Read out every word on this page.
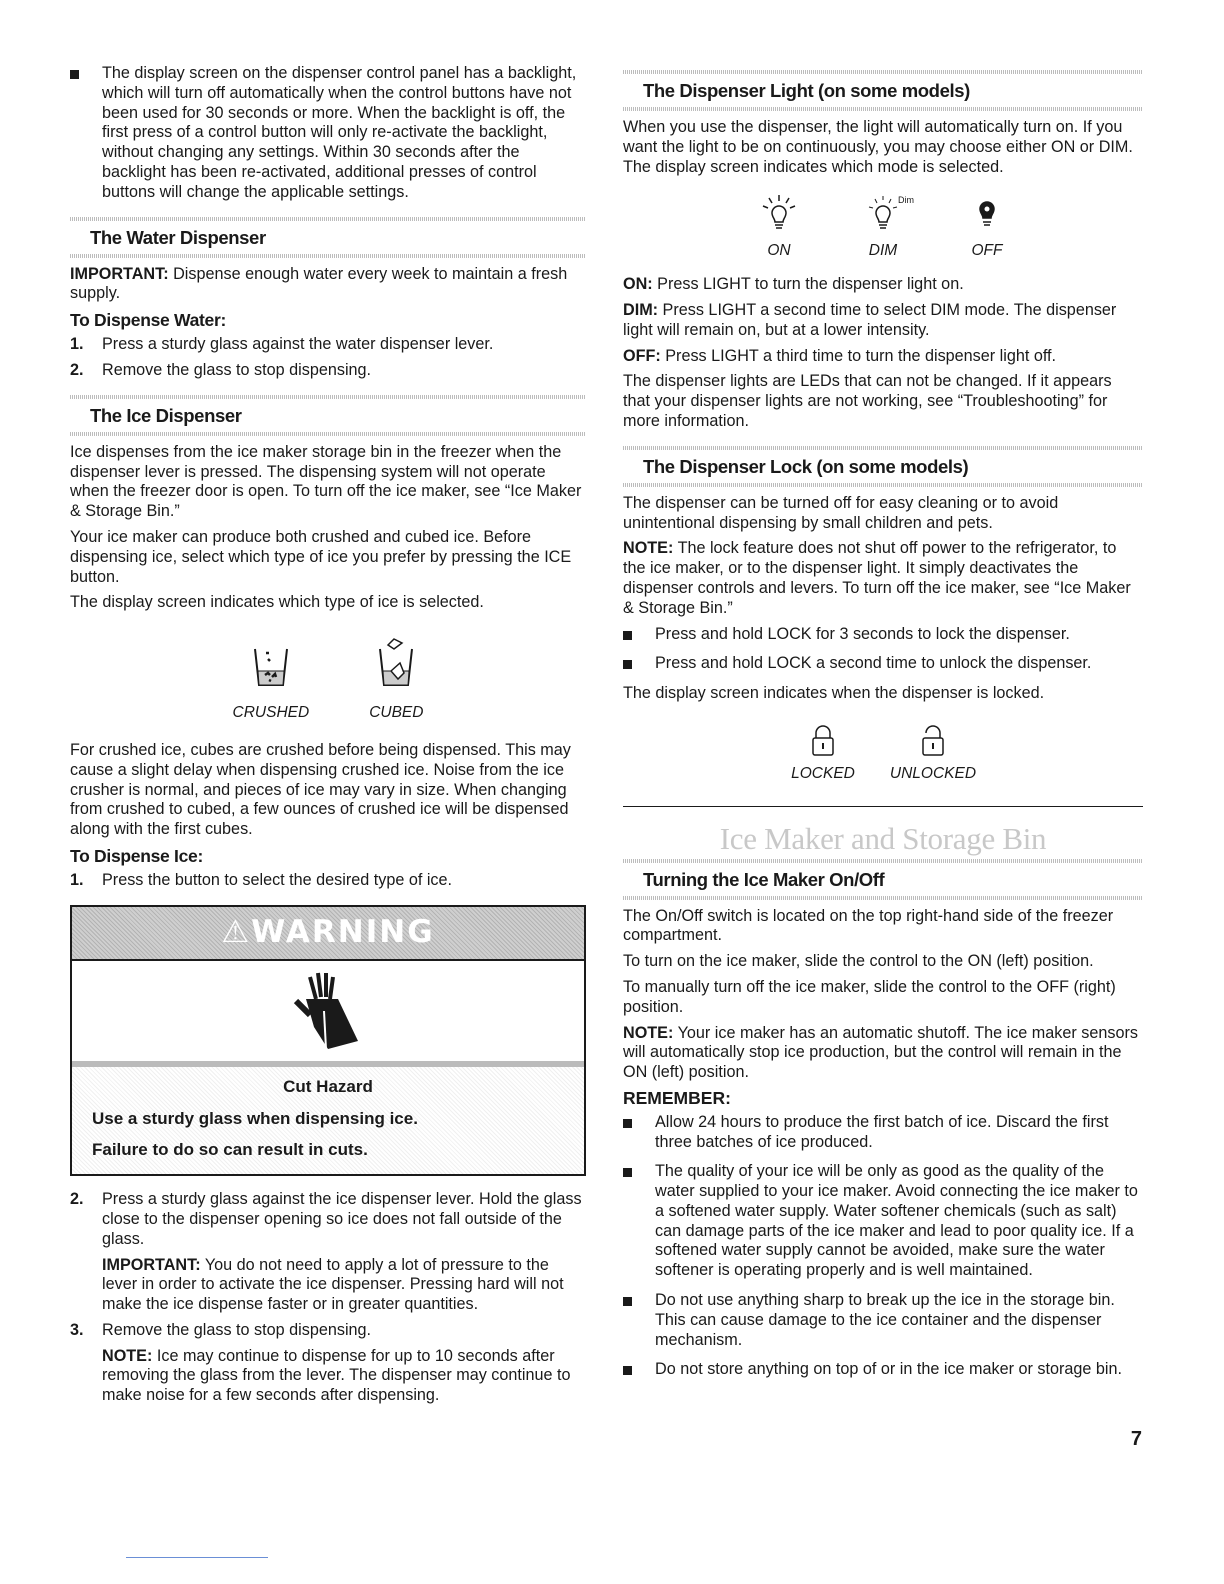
The display screen on the dispenser control panel has a backlight, which will turn off automatically when the control buttons have not been used for 30 seconds or more. When the backlight is off, the first press of a control button will only re-activate the backlight, without changing any settings. Within 30 seconds after the backlight has been re-activated, additional presses of control buttons will change the applicable settings.
The Water Dispenser

IMPORTANT: Dispense enough water every week to maintain a fresh supply.

To Dispense Water:
1. Press a sturdy glass against the water dispenser lever.
2. Remove the glass to stop dispensing.
The Ice Dispenser

Ice dispenses from the ice maker storage bin in the freezer when the dispenser lever is pressed. The dispensing system will not operate when the freezer door is open. To turn off the ice maker, see “Ice Maker & Storage Bin.”

Your ice maker can produce both crushed and cubed ice. Before dispensing ice, select which type of ice you prefer by pressing the ICE button.

The display screen indicates which type of ice is selected.

CRUSHED	CUBED

For crushed ice, cubes are crushed before being dispensed. This may cause a slight delay when dispensing crushed ice. Noise from the ice crusher is normal, and pieces of ice may vary in size. When changing from crushed to cubed, a few ounces of crushed ice will be dispensed along with the first cubes.

To Dispense Ice:
1. Press the button to select the desired type of ice.
⚠WARNING
Cut Hazard
Use a sturdy glass when dispensing ice.
Failure to do so can result in cuts.
2. Press a sturdy glass against the ice dispenser lever. Hold the glass close to the dispenser opening so ice does not fall outside of the glass.
IMPORTANT: You do not need to apply a lot of pressure to the lever in order to activate the ice dispenser. Pressing hard will not make the ice dispense faster or in greater quantities.
3. Remove the glass to stop dispensing.
NOTE: Ice may continue to dispense for up to 10 seconds after removing the glass from the lever. The dispenser may continue to make noise for a few seconds after dispensing.
The Dispenser Light (on some models)

When you use the dispenser, the light will automatically turn on. If you want the light to be on continuously, you may choose either ON or DIM. The display screen indicates which mode is selected.

ON
Dim
DIM	OFF

ON: Press LIGHT to turn the dispenser light on.

DIM: Press LIGHT a second time to select DIM mode. The dispenser light will remain on, but at a lower intensity.

OFF: Press LIGHT a third time to turn the dispenser light off.

The dispenser lights are LEDs that can not be changed. If it appears that your dispenser lights are not working, see “Troubleshooting” for more information.

The Dispenser Lock (on some models)

The dispenser can be turned off for easy cleaning or to avoid unintentional dispensing by small children and pets.

NOTE: The lock feature does not shut off power to the refrigerator, to the ice maker, or to the dispenser light. It simply deactivates the dispenser controls and levers. To turn off the ice maker, see “Ice Maker & Storage Bin.”

Press and hold LOCK for 3 seconds to lock the dispenser.
Press and hold LOCK a second time to unlock the dispenser.

The display screen indicates when the dispenser is locked.

LOCKED UNLOCKED
Ice Maker and Storage Bin
Turning the Ice Maker On/Off

The On/Off switch is located on the top right-hand side of the freezer compartment.

To turn on the ice maker, slide the control to the ON (left) position.

To manually turn off the ice maker, slide the control to the OFF (right) position.

NOTE: Your ice maker has an automatic shutoff. The ice maker sensors will automatically stop ice production, but the control will remain in the ON (left) position.

REMEMBER:
Allow 24 hours to produce the first batch of ice. Discard the first three batches of ice produced.
The quality of your ice will be only as good as the quality of the water supplied to your ice maker. Avoid connecting the ice maker to a softened water supply. Water softener chemicals (such as salt) can damage parts of the ice maker and lead to poor quality ice. If a softened water supply cannot be avoided, make sure the water softener is operating properly and is well maintained.
Do not use anything sharp to break up the ice in the storage bin. This can cause damage to the ice container and the dispenser mechanism.
Do not store anything on top of or in the ice maker or storage bin.
7
